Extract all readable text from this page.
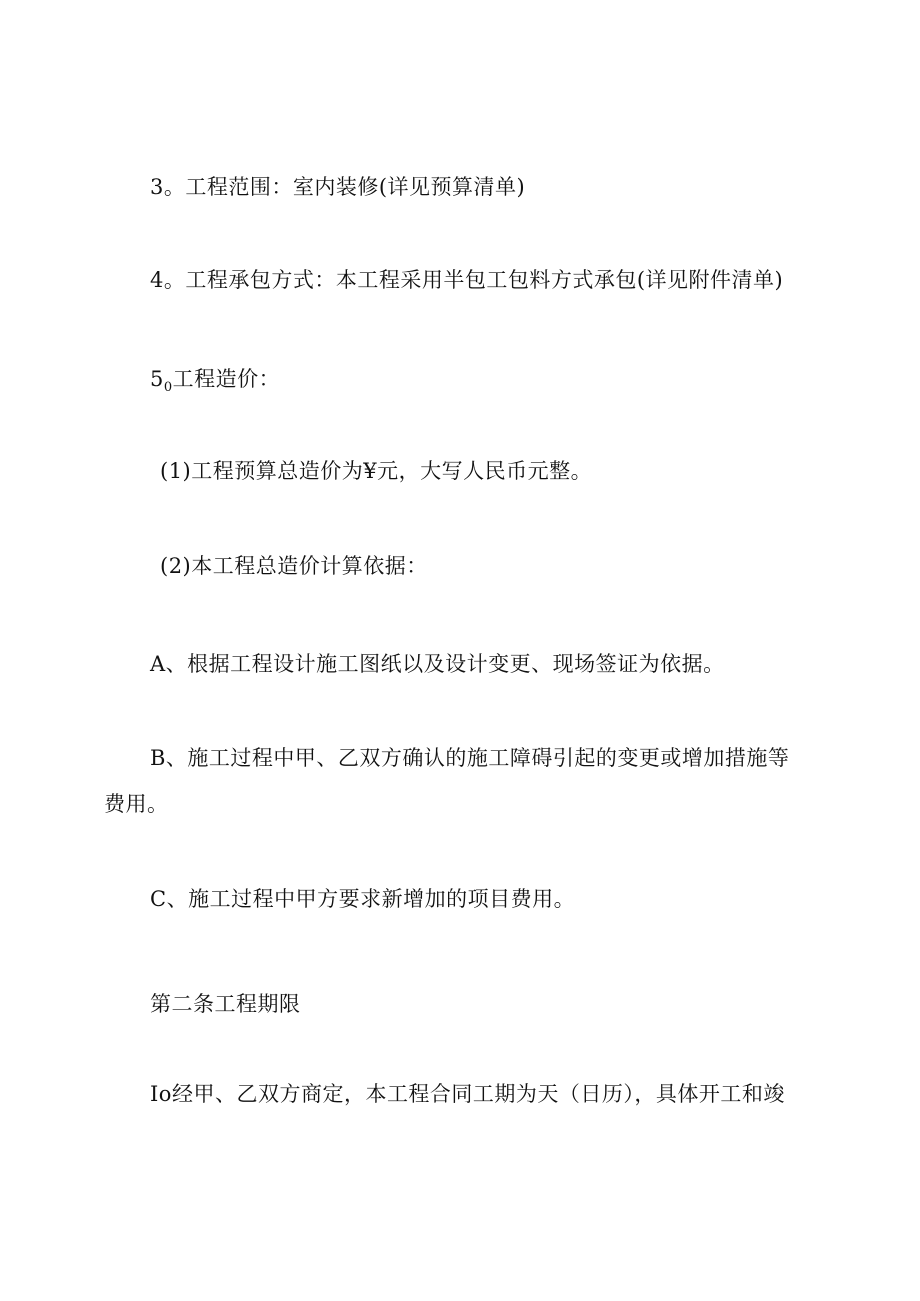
3。工程范围：室内装修(详见预算清单)

4。工程承包方式：本工程采用半包工包料方式承包(详见附件清单)

$5_0$工程造价：

(1)工程预算总造价为¥元，大写人民币元整。

(2)本工程总造价计算依据：

A、根据工程设计施工图纸以及设计变更、现场签证为依据。

B、施工过程中甲、乙双方确认的施工障碍引起的变更或增加措施等

费用。

C、施工过程中甲方要求新增加的项目费用。

第二条工程期限

Io经甲、乙双方商定，本工程合同工期为天（日历），具体开工和竣
